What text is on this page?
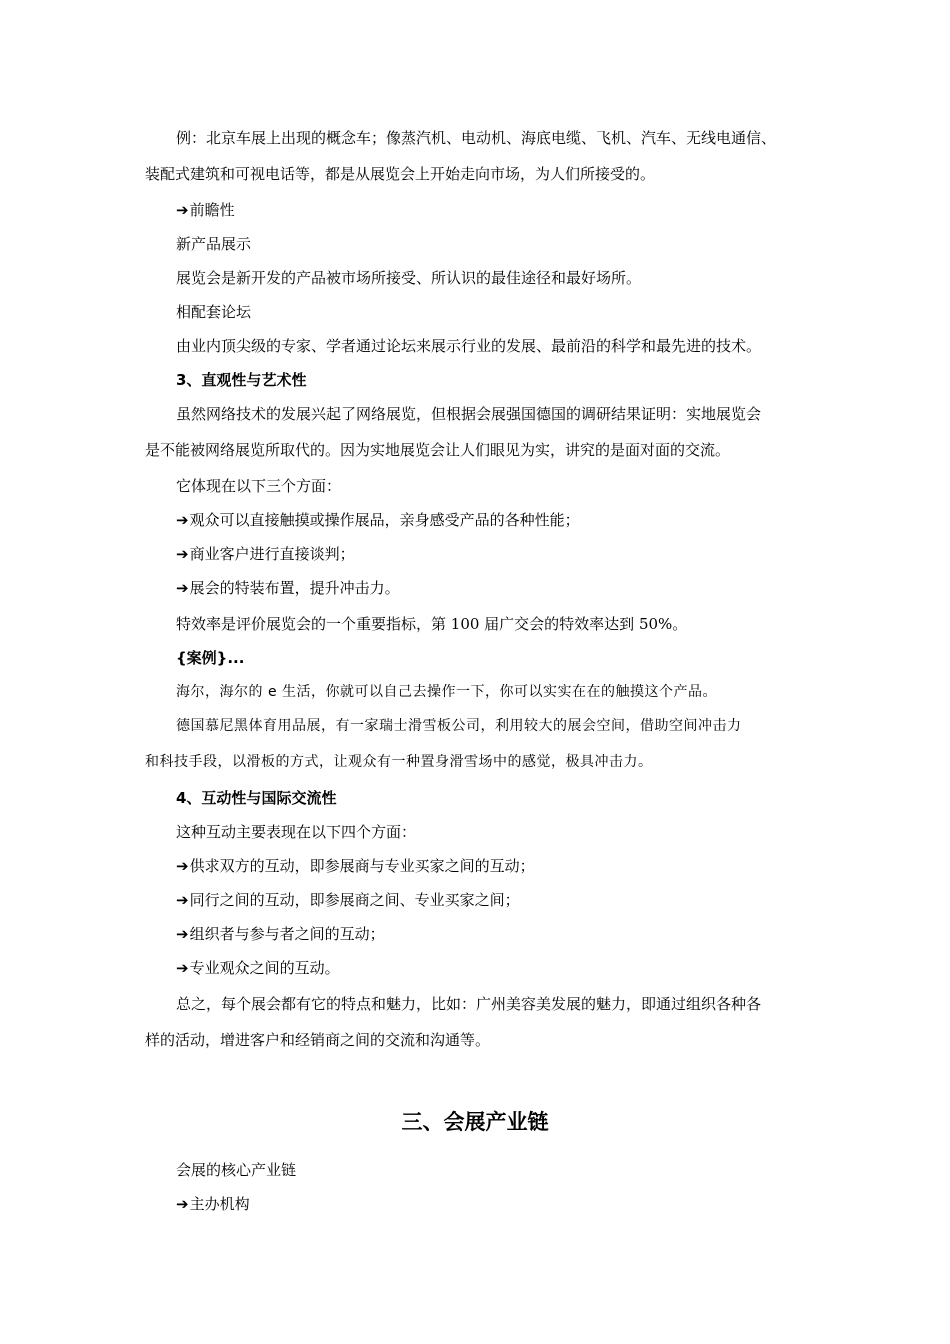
例：北京车展上出现的概念车；像蒸汽机、电动机、海底电缆、飞机、汽车、无线电通信、
装配式建筑和可视电话等，都是从展览会上开始走向市场，为人们所接受的。
➔前瞻性
新产品展示
展览会是新开发的产品被市场所接受、所认识的最佳途径和最好场所。
相配套论坛
由业内顶尖级的专家、学者通过论坛来展示行业的发展、最前沿的科学和最先进的技术。
3、直观性与艺术性
虽然网络技术的发展兴起了网络展览，但根据会展强国德国的调研结果证明：实地展览会
是不能被网络展览所取代的。因为实地展览会让人们眼见为实，讲究的是面对面的交流。
它体现在以下三个方面：
➔观众可以直接触摸或操作展品，亲身感受产品的各种性能；
➔商业客户进行直接谈判；
➔展会的特装布置，提升冲击力。
特效率是评价展览会的一个重要指标，第 100 届广交会的特效率达到 50%。
{案例}...
海尔，海尔的 e 生活，你就可以自己去操作一下，你可以实实在在的触摸这个产品。
德国慕尼黑体育用品展，有一家瑞士滑雪板公司，利用较大的展会空间，借助空间冲击力
和科技手段，以滑板的方式，让观众有一种置身滑雪场中的感觉，极具冲击力。
4、互动性与国际交流性
这种互动主要表现在以下四个方面：
➔供求双方的互动，即参展商与专业买家之间的互动；
➔同行之间的互动，即参展商之间、专业买家之间；
➔组织者与参与者之间的互动；
➔专业观众之间的互动。
总之，每个展会都有它的特点和魅力，比如：广州美容美发展的魅力，即通过组织各种各
样的活动，增进客户和经销商之间的交流和沟通等。
三、会展产业链
会展的核心产业链
➔主办机构
